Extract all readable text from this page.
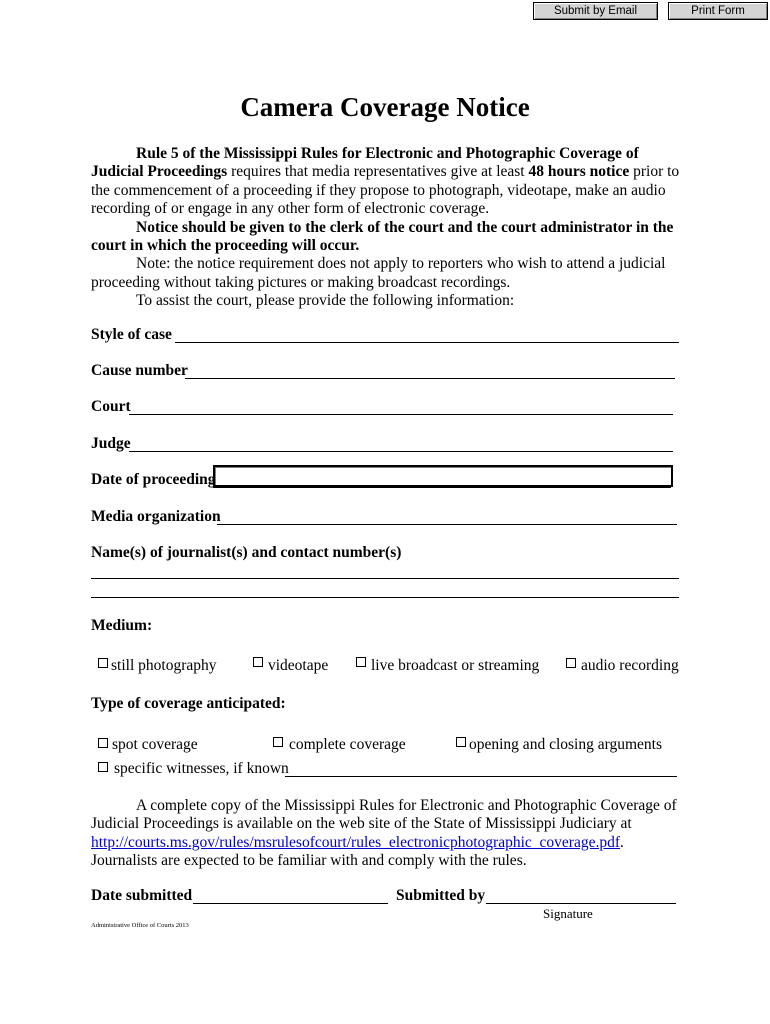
Submit by Email	Print Form
Camera Coverage Notice

Rule 5 of the Mississippi Rules for Electronic and Photographic Coverage of Judicial Proceedings requires that media representatives give at least 48 hours notice prior to the commencement of a proceeding if they propose to photograph, videotape, make an audio recording of or engage in any other form of electronic coverage.

Notice should be given to the clerk of the court and the court administrator in the court in which the proceeding will occur.

Note: the notice requirement does not apply to reporters who wish to attend a judicial proceeding without taking pictures or making broadcast recordings.

To assist the court, please provide the following information:

Style of case
Cause number
Court
Judge
Date of proceeding
Media organization
Name(s) of journalist(s) and contact number(s)
Medium:
still photography	videotape	live broadcast or streaming	audio recording
Type of coverage anticipated:
spot coverage	complete coverage	opening and closing arguments
specific witnesses, if known

A complete copy of the Mississippi Rules for Electronic and Photographic Coverage of Judicial Proceedings is available on the web site of the State of Mississippi Judiciary at http://courts.ms.gov/rules/msrulesofcourt/rules_electronicphotographic_coverage.pdf.

Journalists are expected to be familiar with and comply with the rules.

Date submitted	Submitted by
Signature
Administrative Office of Courts 2013
